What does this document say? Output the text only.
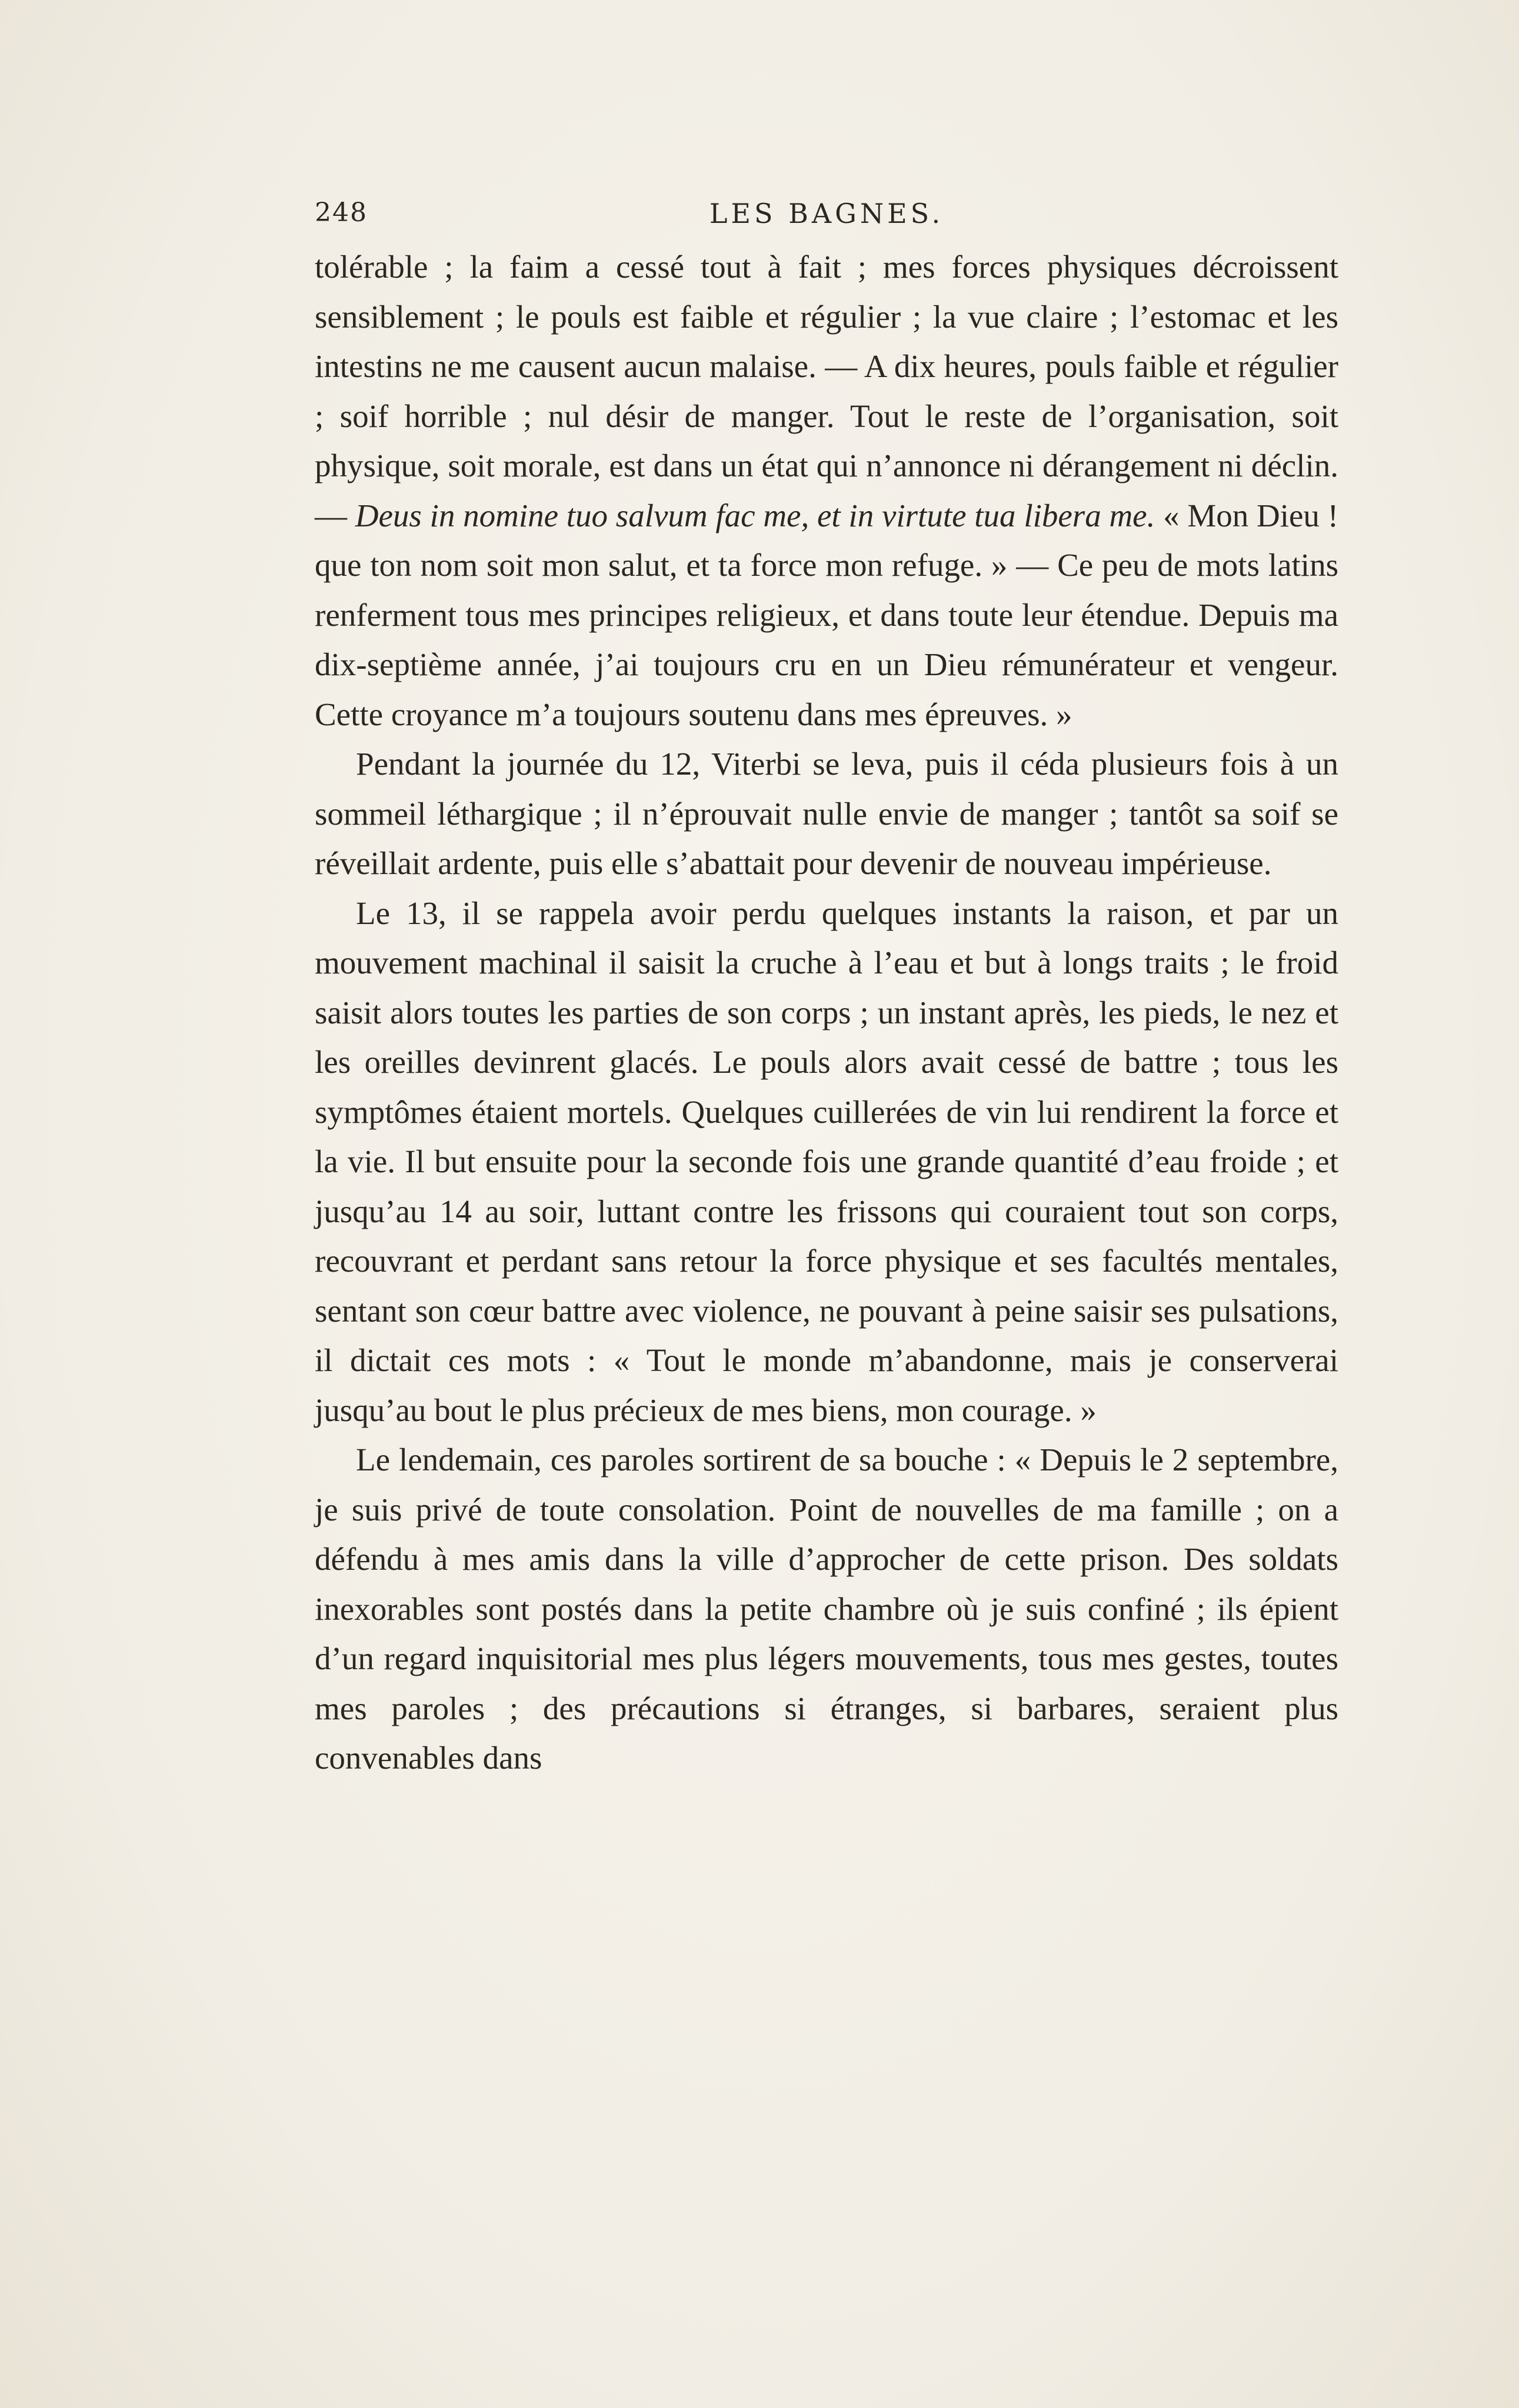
248	LES BAGNES.

tolérable ; la faim a cessé tout à fait ; mes forces physiques décroissent sensiblement ; le pouls est faible et régulier ; la vue claire ; l’estomac et les intestins ne me causent aucun malaise. — A dix heures, pouls faible et régulier ; soif horrible ; nul désir de manger. Tout le reste de l’organisation, soit physique, soit morale, est dans un état qui n’annonce ni dérangement ni déclin. — Deus in nomine tuo salvum fac me, et in virtute tua libera me. « Mon Dieu ! que ton nom soit mon salut, et ta force mon refuge. » — Ce peu de mots latins renferment tous mes principes religieux, et dans toute leur étendue. Depuis ma dix-septième année, j’ai toujours cru en un Dieu rémunérateur et vengeur. Cette croyance m’a toujours soutenu dans mes épreuves. »

Pendant la journée du 12, Viterbi se leva, puis il céda plusieurs fois à un sommeil léthargique ; il n’éprouvait nulle envie de manger ; tantôt sa soif se réveillait ardente, puis elle s’abattait pour devenir de nouveau impérieuse.

Le 13, il se rappela avoir perdu quelques instants la raison, et par un mouvement machinal il saisit la cruche à l’eau et but à longs traits ; le froid saisit alors toutes les parties de son corps ; un instant après, les pieds, le nez et les oreilles devinrent glacés. Le pouls alors avait cessé de battre ; tous les symptômes étaient mortels. Quelques cuillerées de vin lui rendirent la force et la vie. Il but ensuite pour la seconde fois une grande quantité d’eau froide ; et jusqu’au 14 au soir, luttant contre les frissons qui couraient tout son corps, recouvrant et perdant sans retour la force physique et ses facultés mentales, sentant son cœur battre avec violence, ne pouvant à peine saisir ses pulsations, il dictait ces mots : « Tout le monde m’abandonne, mais je conserverai jusqu’au bout le plus précieux de mes biens, mon courage. »

Le lendemain, ces paroles sortirent de sa bouche : « Depuis le 2 septembre, je suis privé de toute consolation. Point de nouvelles de ma famille ; on a défendu à mes amis dans la ville d’approcher de cette prison. Des soldats inexorables sont postés dans la petite chambre où je suis confiné ; ils épient d’un regard inquisitorial mes plus légers mouvements, tous mes gestes, toutes mes paroles ; des précautions si étranges, si barbares, seraient plus convenables dans
